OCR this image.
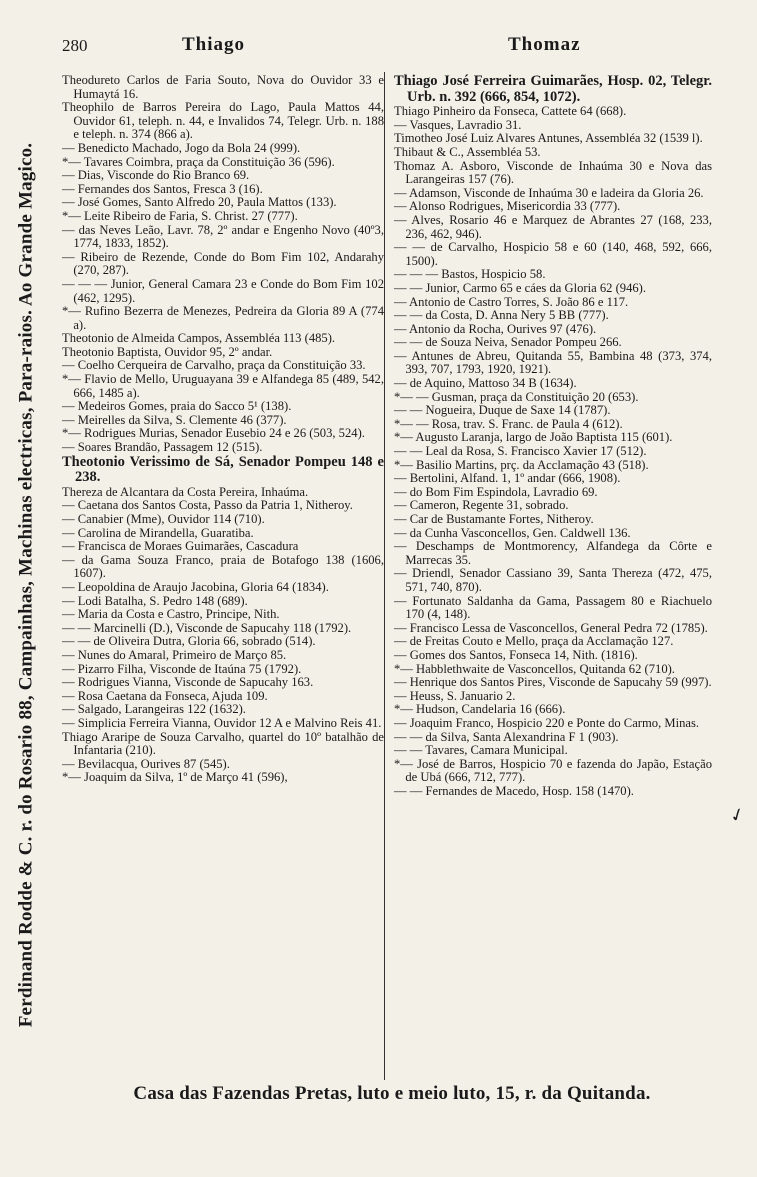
Ferdinand Rodde & C. r. do Rosario 88, Campainhas, Machinas electricas, Para-raios. Ao Grande Magico.
280	Thiago	Thomaz

Theodureto Carlos de Faria Souto, Nova do Ouvidor 33 e Humaytá 16.

Theophilo de Barros Pereira do Lago, Paula Mattos 44, Ouvidor 61, teleph. n. 44, e Invalidos 74, Telegr. Urb. n. 188 e teleph. n. 374 (866 a).

— Benedicto Machado, Jogo da Bola 24 (999).

*— Tavares Coimbra, praça da Constituição 36 (596).

— Dias, Visconde do Rio Branco 69.

— Fernandes dos Santos, Fresca 3 (16).

— José Gomes, Santo Alfredo 20, Paula Mattos (133).

*— Leite Ribeiro de Faria, S. Christ. 27 (777).

— das Neves Leão, Lavr. 78, 2º andar e Engenho Novo (40º3, 1774, 1833, 1852).

— Ribeiro de Rezende, Conde do Bom Fim 102, Andarahy (270, 287).

— — — Junior, General Camara 23 e Conde do Bom Fim 102 (462, 1295).

*— Rufino Bezerra de Menezes, Pedreira da Gloria 89 A (774 a).

Theotonio de Almeida Campos, Assembléa 113 (485).

Theotonio Baptista, Ouvidor 95, 2º andar.

— Coelho Cerqueira de Carvalho, praça da Constituição 33.

*— Flavio de Mello, Uruguayana 39 e Alfandega 85 (489, 542, 666, 1485 a).

— Medeiros Gomes, praia do Sacco 5¹ (138).

— Meirelles da Silva, S. Clemente 46 (377).

*— Rodrigues Murias, Senador Eusebio 24 e 26 (503, 524).

— Soares Brandão, Passagem 12 (515).

Theotonio Verissimo de Sá, Senador Pompeu 148 e 238.

Thereza de Alcantara da Costa Pereira, Inhaúma.

— Caetana dos Santos Costa, Passo da Patria 1, Nitheroy.

— Canabier (Mme), Ouvidor 114 (710).

— Carolina de Mirandella, Guaratiba.

— Francisca de Moraes Guimarães, Cascadura

— da Gama Souza Franco, praia de Botafogo 138 (1606, 1607).

— Leopoldina de Araujo Jacobina, Gloria 64 (1834).

— Lodi Batalha, S. Pedro 148 (689).

— Maria da Costa e Castro, Principe, Nith.

— — Marcinelli (D.), Visconde de Sapucahy 118 (1792).

— — de Oliveira Dutra, Gloria 66, sobrado (514).

— Nunes do Amaral, Primeiro de Março 85.

— Pizarro Filha, Visconde de Itaúna 75 (1792).

— Rodrigues Vianna, Visconde de Sapucahy 163.

— Rosa Caetana da Fonseca, Ajuda 109.

— Salgado, Larangeiras 122 (1632).

— Simplicia Ferreira Vianna, Ouvidor 12 A e Malvino Reis 41.

Thiago Araripe de Souza Carvalho, quartel do 10º batalhão de Infantaria (210).

— Bevilacqua, Ourives 87 (545).

*— Joaquim da Silva, 1º de Março 41 (596),

Thiago José Ferreira Guimarães, Hosp. 02, Telegr. Urb. n. 392 (666, 854, 1072).

Thiago Pinheiro da Fonseca, Cattete 64 (668).

— Vasques, Lavradio 31.

Timotheo José Luiz Alvares Antunes, Assembléa 32 (1539 l).

Thibaut & C., Assembléa 53.

Thomaz A. Asboro, Visconde de Inhaúma 30 e Nova das Larangeiras 157 (76).

— Adamson, Visconde de Inhaúma 30 e ladeira da Gloria 26.

— Alonso Rodrigues, Misericordia 33 (777).

— Alves, Rosario 46 e Marquez de Abrantes 27 (168, 233, 236, 462, 946).

— — de Carvalho, Hospicio 58 e 60 (140, 468, 592, 666, 1500).

— — — Bastos, Hospicio 58.

— — Junior, Carmo 65 e cáes da Gloria 62 (946).

— Antonio de Castro Torres, S. João 86 e 117.

— — da Costa, D. Anna Nery 5 BB (777).

— Antonio da Rocha, Ourives 97 (476).

— — de Souza Neiva, Senador Pompeu 266.

— Antunes de Abreu, Quitanda 55, Bambina 48 (373, 374, 393, 707, 1793, 1920, 1921).

— de Aquino, Mattoso 34 B (1634).

*— — Gusman, praça da Constituição 20 (653).

— — Nogueira, Duque de Saxe 14 (1787).

*— — Rosa, trav. S. Franc. de Paula 4 (612).

*— Augusto Laranja, largo de João Baptista 115 (601).

— — Leal da Rosa, S. Francisco Xavier 17 (512).

*— Basilio Martins, prç. da Acclamação 43 (518).

— Bertolini, Alfand. 1, 1º andar (666, 1908).

— do Bom Fim Espindola, Lavradio 69.

— Cameron, Regente 31, sobrado.

— Car de Bustamante Fortes, Nitheroy.

— da Cunha Vasconcellos, Gen. Caldwell 136.

— Deschamps de Montmorency, Alfandega da Côrte e Marrecas 35.

— Driendl, Senador Cassiano 39, Santa Thereza (472, 475, 571, 740, 870).

— Fortunato Saldanha da Gama, Passagem 80 e Riachuelo 170 (4, 148).

— Francisco Lessa de Vasconcellos, General Pedra 72 (1785).

— de Freitas Couto e Mello, praça da Acclamação 127.

— Gomes dos Santos, Fonseca 14, Nith. (1816).

*— Habblethwaite de Vasconcellos, Quitanda 62 (710).

— Henrique dos Santos Pires, Visconde de Sapucahy 59 (997).

— Heuss, S. Januario 2.

*— Hudson, Candelaria 16 (666).

— Joaquim Franco, Hospicio 220 e Ponte do Carmo, Minas.

— — da Silva, Santa Alexandrina F 1 (903).

— — Tavares, Camara Municipal.

*— José de Barros, Hospicio 70 e fazenda do Japão, Estação de Ubá (666, 712, 777).

— — Fernandes de Macedo, Hosp. 158 (1470).

✓
Casa das Fazendas Pretas, luto e meio luto, 15, r. da Quitanda.
